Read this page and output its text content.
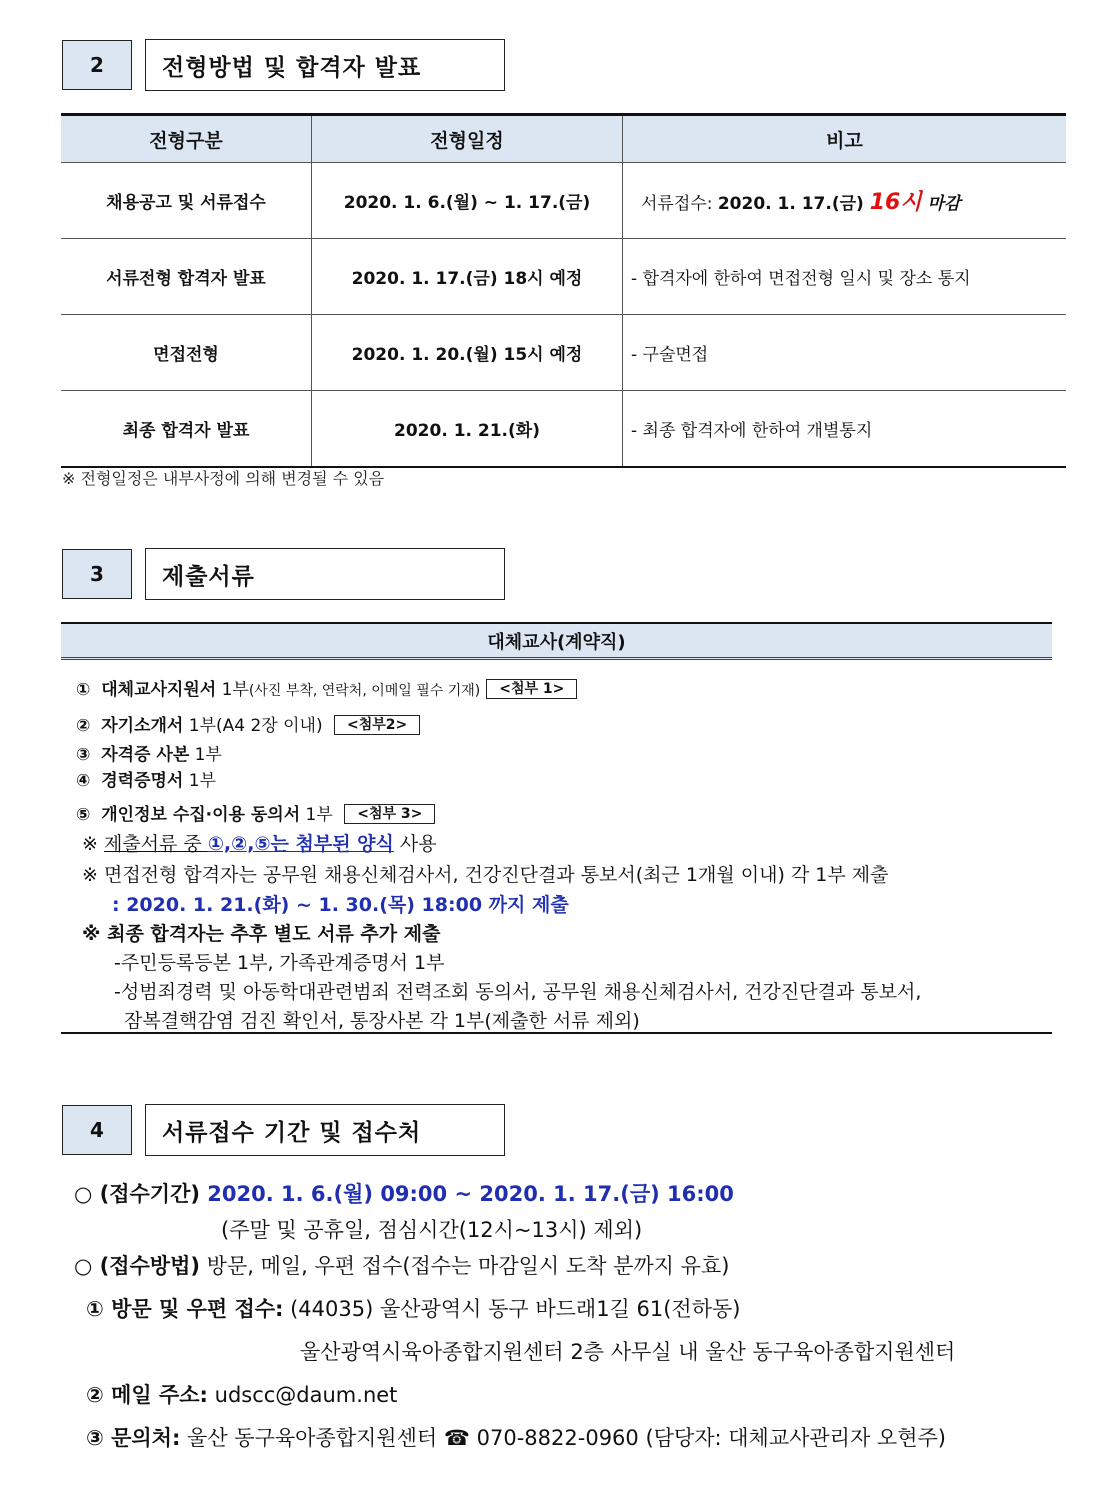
2	전형방법 및 합격자 발표
전형구분	전형일정	비고
채용공고 및 서류접수	2020. 1. 6.(월) ~ 1. 17.(금)	서류접수: 2020. 1. 17.(금) 16시 마감
서류전형 합격자 발표	2020. 1. 17.(금) 18시 예정	- 합격자에 한하여 면접전형 일시 및 장소 통지
면접전형	2020. 1. 20.(월) 15시 예정	- 구술면접
최종 합격자 발표	2020. 1. 21.(화)	- 최종 합격자에 한하여 개별통지
※ 전형일정은 내부사정에 의해 변경될 수 있음
3	제출서류
대체교사(계약직)
① 대체교사지원서 1부(사진 부착, 연락처, 이메일 필수 기재) <첨부 1>
② 자기소개서 1부(A4 2장 이내) <첨부2>
③ 자격증 사본 1부
④ 경력증명서 1부
⑤ 개인정보 수집·이용 동의서 1부 <첨부 3>
※ 제출서류 중 ①,②,⑤는 첨부된 양식 사용
※ 면접전형 합격자는 공무원 채용신체검사서, 건강진단결과 통보서(최근 1개월 이내) 각 1부 제출
: 2020. 1. 21.(화) ~ 1. 30.(목) 18:00 까지 제출
※ 최종 합격자는 추후 별도 서류 추가 제출
-주민등록등본 1부, 가족관계증명서 1부
-성범죄경력 및 아동학대관련범죄 전력조회 동의서, 공무원 채용신체검사서, 건강진단결과 통보서,
잠복결핵감염 검진 확인서, 통장사본 각 1부(제출한 서류 제외)
4	서류접수 기간 및 접수처
○ (접수기간) 2020. 1. 6.(월) 09:00 ~ 2020. 1. 17.(금) 16:00
(주말 및 공휴일, 점심시간(12시~13시) 제외)
○ (접수방법) 방문, 메일, 우편 접수(접수는 마감일시 도착 분까지 유효)
① 방문 및 우편 접수: (44035) 울산광역시 동구 바드래1길 61(전하동)
울산광역시육아종합지원센터 2층 사무실 내 울산 동구육아종합지원센터
② 메일 주소: udscc@daum.net
③ 문의처: 울산 동구육아종합지원센터 ☎ 070-8822-0960 (담당자: 대체교사관리자 오현주)
